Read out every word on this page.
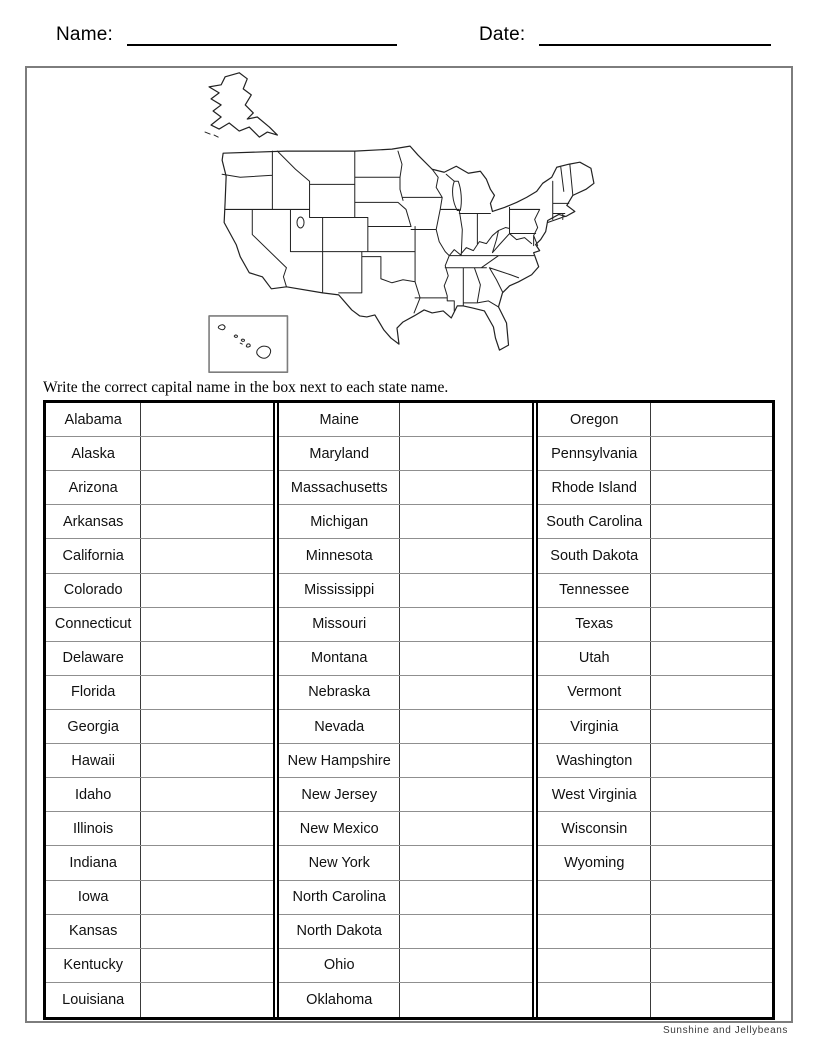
Name:	Date:
Write the correct capital name in the box next to each state name.
Alabama
Alaska
Arizona
Arkansas
California
Colorado
Connecticut
Delaware
Florida
Georgia
Hawaii
Idaho
Illinois
Indiana
Iowa
Kansas
Kentucky
Louisiana
Maine
Maryland
Massachusetts
Michigan
Minnesota
Mississippi
Missouri
Montana
Nebraska
Nevada
New Hampshire
New Jersey
New Mexico
New York
North Carolina
North Dakota
Ohio
Oklahoma
Oregon
Pennsylvania
Rhode Island
South Carolina
South Dakota
Tennessee
Texas
Utah
Vermont
Virginia
Washington
West Virginia
Wisconsin
Wyoming
Sunshine and Jellybeans
